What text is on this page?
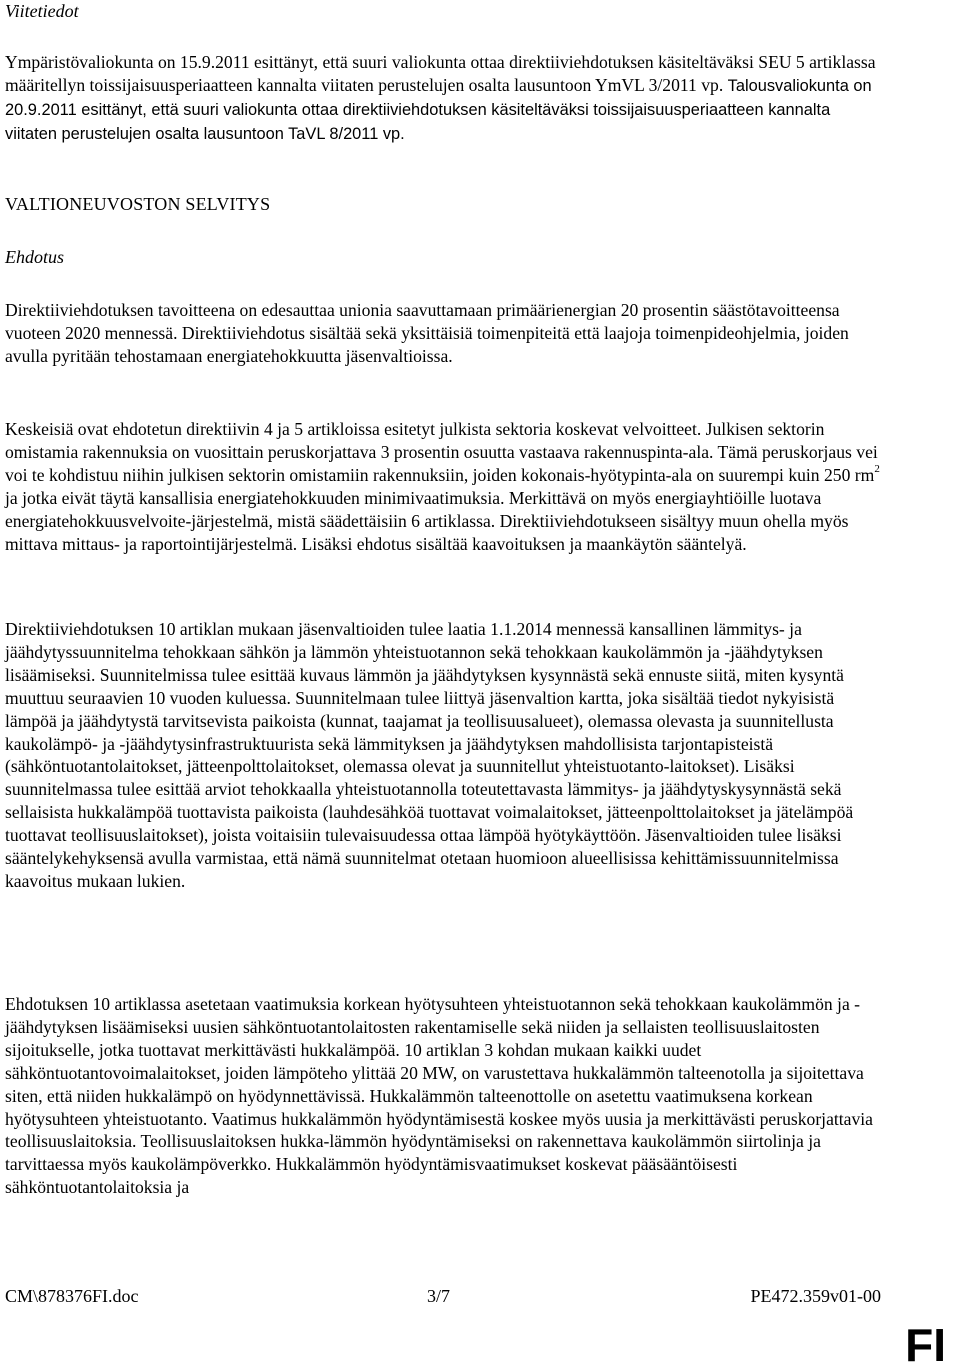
Viitetiedot

Ympäristövaliokunta on 15.9.2011 esittänyt, että suuri valiokunta ottaa direktiiviehdotuksen käsiteltäväksi SEU 5 artiklassa määritellyn toissijaisuusperiaatteen kannalta viitaten perustelujen osalta lausuntoon YmVL 3/2011 vp. Talousvaliokunta on 20.9.2011 esittänyt, että suuri valiokunta ottaa direktiiviehdotuksen käsiteltäväksi toissijaisuusperiaatteen kannalta viitaten perustelujen osalta lausuntoon TaVL 8/2011 vp.

VALTIONEUVOSTON SELVITYS
Ehdotus

Direktiiviehdotuksen tavoitteena on edesauttaa unionia saavuttamaan primäärienergian 20 prosentin säästötavoitteensa vuoteen 2020 mennessä. Direktiiviehdotus sisältää sekä yksittäisiä toimenpiteitä että laajoja toimenpideohjelmia, joiden avulla pyritään tehostamaan energiatehokkuutta jäsenvaltioissa.

Keskeisiä ovat ehdotetun direktiivin 4 ja 5 artikloissa esitetyt julkista sektoria koskevat velvoitteet. Julkisen sektorin omistamia rakennuksia on vuosittain peruskorjattava 3 prosentin osuutta vastaava rakennuspinta-ala. Tämä peruskorjaus vei voi te kohdistuu niihin julkisen sektorin omistamiin rakennuksiin, joiden kokonais-hyötypinta-ala on suurempi kuin 250 $rm^2$ ja jotka eivät täytä kansallisia energiatehokkuuden minimivaatimuksia. Merkittävä on myös energiayhtiöille luotava energiatehokkuusvelvoite-järjestelmä, mistä säädettäisiin 6 artiklassa. Direktiiviehdotukseen sisältyy muun ohella myös mittava mittaus- ja raportointijärjestelmä. Lisäksi ehdotus sisältää kaavoituksen ja maankäytön sääntelyä.

Direktiiviehdotuksen 10 artiklan mukaan jäsenvaltioiden tulee laatia 1.1.2014 mennessä kansallinen lämmitys- ja jäähdytyssuunnitelma tehokkaan sähkön ja lämmön yhteistuotannon sekä tehokkaan kaukolämmön ja -jäähdytyksen lisäämiseksi. Suunnitelmissa tulee esittää kuvaus lämmön ja jäähdytyksen kysynnästä sekä ennuste siitä, miten kysyntä muuttuu seuraavien 10 vuoden kuluessa. Suunnitelmaan tulee liittyä jäsenvaltion kartta, joka sisältää tiedot nykyisistä lämpöä ja jäähdytystä tarvitsevista paikoista (kunnat, taajamat ja teollisuusalueet), olemassa olevasta ja suunnitellusta kaukolämpö- ja -jäähdytysinfrastruktuurista sekä lämmityksen ja jäähdytyksen mahdollisista tarjontapisteistä (sähköntuotantolaitokset, jätteenpolttolaitokset, olemassa olevat ja suunnitellut yhteistuotanto-laitokset). Lisäksi suunnitelmassa tulee esittää arviot tehokkaalla yhteistuotannolla toteutettavasta lämmitys- ja jäähdytyskysynnästä sekä sellaisista hukkalämpöä tuottavista paikoista (lauhdesähköä tuottavat voimalaitokset, jätteenpolttolaitokset ja jätelämpöä tuottavat teollisuuslaitokset), joista voitaisiin tulevaisuudessa ottaa lämpöä hyötykäyttöön. Jäsenvaltioiden tulee lisäksi sääntelykehyksensä avulla varmistaa, että nämä suunnitelmat otetaan huomioon alueellisissa kehittämissuunnitelmissa kaavoitus mukaan lukien.

Ehdotuksen 10 artiklassa asetetaan vaatimuksia korkean hyötysuhteen yhteistuotannon sekä tehokkaan kaukolämmön ja -jäähdytyksen lisäämiseksi uusien sähköntuotantolaitosten rakentamiselle sekä niiden ja sellaisten teollisuuslaitosten sijoitukselle, jotka tuottavat merkittävästi hukkalämpöä. 10 artiklan 3 kohdan mukaan kaikki uudet sähköntuotantovoimalaitokset, joiden lämpöteho ylittää 20 MW, on varustettava hukkalämmön talteenotolla ja sijoitettava siten, että niiden hukkalämpö on hyödynnettävissä. Hukkalämmön talteenottolle on asetettu vaatimuksena korkean hyötysuhteen yhteistuotanto. Vaatimus hukkalämmön hyödyntämisestä koskee myös uusia ja merkittävästi peruskorjattavia teollisuuslaitoksia. Teollisuuslaitoksen hukka-lämmön hyödyntämiseksi on rakennettava kaukolämmön siirtolinja ja tarvittaessa myös kaukolämpöverkko. Hukkalämmön hyödyntämisvaatimukset koskevat pääsääntöisesti sähköntuotantolaitoksia ja

CM\878376FI.doc	3/7	PE472.359v01-00
FI
